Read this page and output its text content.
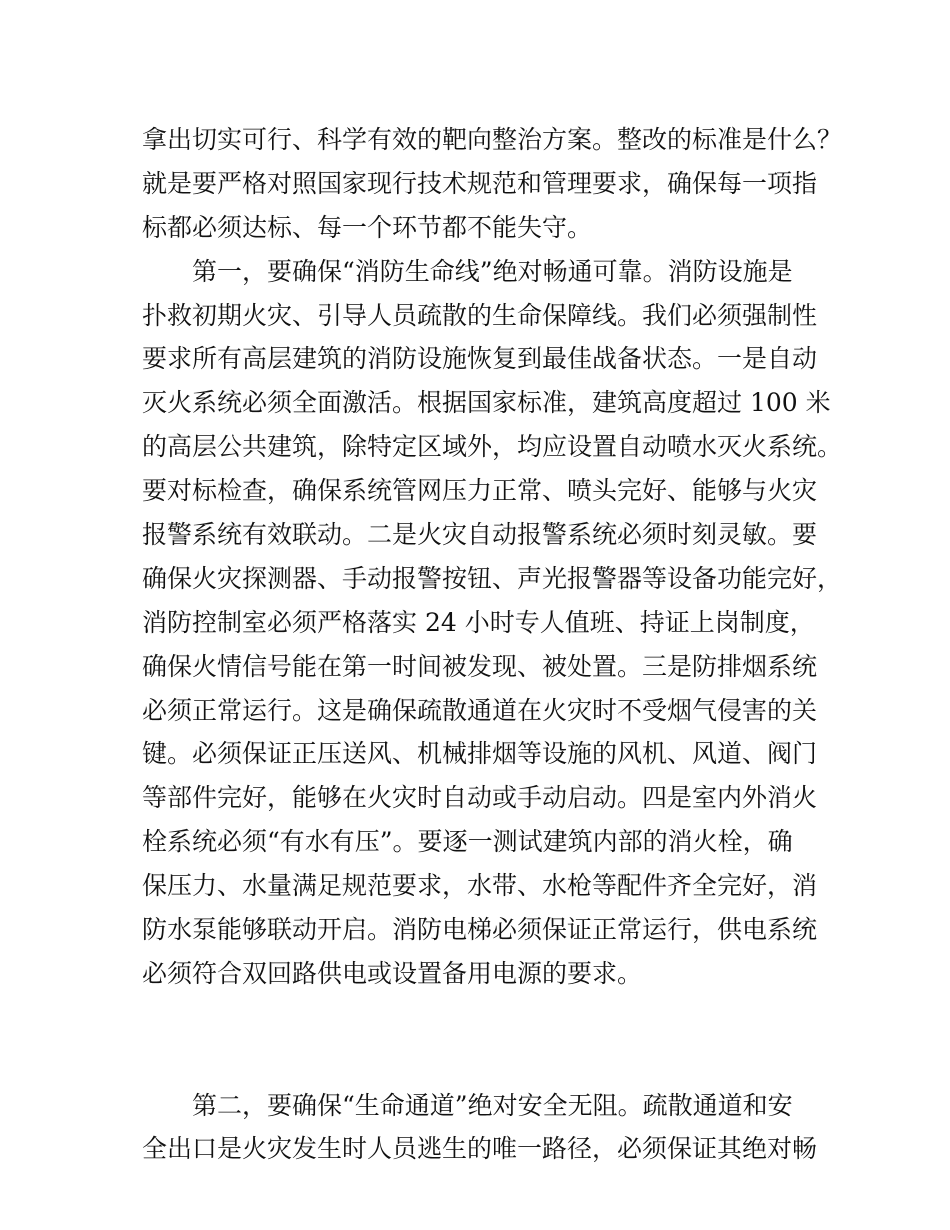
拿出切实可行、科学有效的靶向整治方案。整改的标准是什么？
就是要严格对照国家现行技术规范和管理要求，确保每一项指
标都必须达标、每一个环节都不能失守。
　　第一，要确保“消防生命线”绝对畅通可靠。消防设施是
扑救初期火灾、引导人员疏散的生命保障线。我们必须强制性
要求所有高层建筑的消防设施恢复到最佳战备状态。一是自动
灭火系统必须全面激活。根据国家标准，建筑高度超过 100 米
的高层公共建筑，除特定区域外，均应设置自动喷水灭火系统。
要对标检查，确保系统管网压力正常、喷头完好、能够与火灾
报警系统有效联动。二是火灾自动报警系统必须时刻灵敏。要
确保火灾探测器、手动报警按钮、声光报警器等设备功能完好，
消防控制室必须严格落实 24 小时专人值班、持证上岗制度，
确保火情信号能在第一时间被发现、被处置。三是防排烟系统
必须正常运行。这是确保疏散通道在火灾时不受烟气侵害的关
键。必须保证正压送风、机械排烟等设施的风机、风道、阀门
等部件完好，能够在火灾时自动或手动启动。四是室内外消火
栓系统必须“有水有压”。要逐一测试建筑内部的消火栓，确
保压力、水量满足规范要求，水带、水枪等配件齐全完好，消
防水泵能够联动开启。消防电梯必须保证正常运行，供电系统
必须符合双回路供电或设置备用电源的要求。
　　第二，要确保“生命通道”绝对安全无阻。疏散通道和安
全出口是火灾发生时人员逃生的唯一路径，必须保证其绝对畅
